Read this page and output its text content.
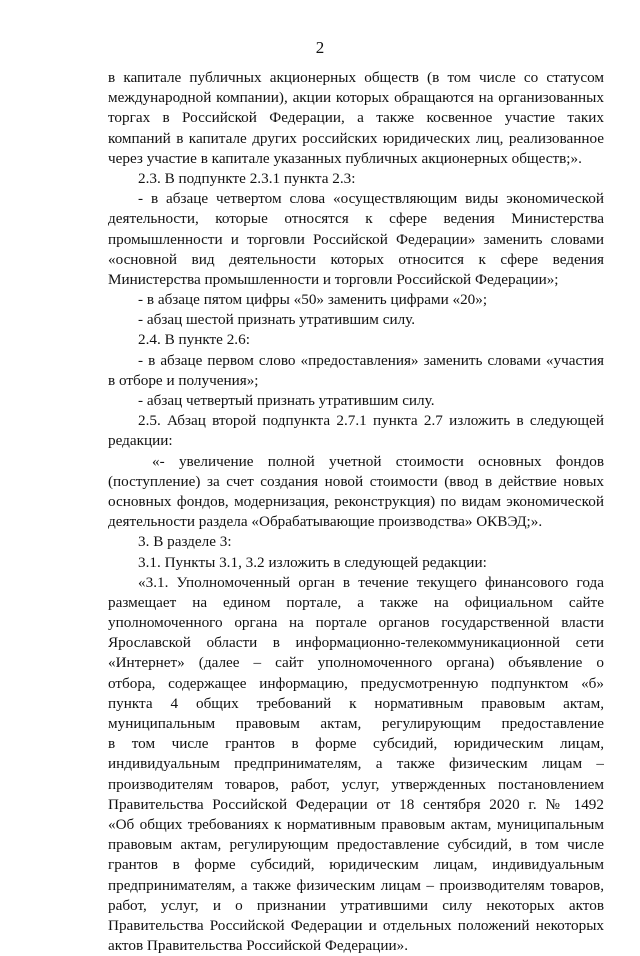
2
в капитале публичных акционерных обществ (в том числе со статусом
международной компании), акции которых обращаются на организованных
торгах в Российской Федерации, а также косвенное участие таких
компаний в капитале других российских юридических лиц, реализованное
через участие в капитале указанных публичных акционерных обществ;».
2.3. В подпункте 2.3.1 пункта 2.3:
- в абзаце четвертом слова «осуществляющим виды экономической
деятельности, которые относятся к сфере ведения Министерства
промышленности и торговли Российской Федерации» заменить словами
«основной вид деятельности которых относится к сфере ведения
Министерства промышленности и торговли Российской Федерации»;
- в абзаце пятом цифры «50» заменить цифрами «20»;
- абзац шестой признать утратившим силу.
2.4. В пункте 2.6:
- в абзаце первом слово «предоставления» заменить словами «участия
в отборе и получения»;
- абзац четвертый признать утратившим силу.
2.5. Абзац второй подпункта 2.7.1 пункта 2.7 изложить в следующей
редакции:
«- увеличение полной учетной стоимости основных фондов
(поступление) за счет создания новой стоимости (ввод в действие новых
основных фондов, модернизация, реконструкция) по видам экономической
деятельности раздела «Обрабатывающие производства» ОКВЭД;».
3. В разделе 3:
3.1. Пункты 3.1, 3.2 изложить в следующей редакции:
«3.1. Уполномоченный орган в течение текущего финансового года
размещает на едином портале, а также на официальном сайте
уполномоченного органа на портале органов государственной власти
Ярославской области в информационно-телекоммуникационной сети
«Интернет» (далее – сайт уполномоченного органа) объявление о
отбора, содержащее информацию, предусмотренную подпунктом «б»
пункта 4 общих требований к нормативным правовым актам,
муниципальным правовым актам, регулирующим предоставление
в том числе грантов в форме субсидий, юридическим лицам,
индивидуальным предпринимателям, а также физическим лицам –
производителям товаров, работ, услуг, утвержденных постановлением
Правительства Российской Федерации от 18 сентября 2020 г. № 1492
«Об общих требованиях к нормативным правовым актам, муниципальным
правовым актам, регулирующим предоставление субсидий, в том числе
грантов в форме субсидий, юридическим лицам, индивидуальным
предпринимателям, а также физическим лицам – производителям товаров,
работ, услуг, и о признании утратившими силу некоторых актов
Правительства Российской Федерации и отдельных положений некоторых
актов Правительства Российской Федерации».
